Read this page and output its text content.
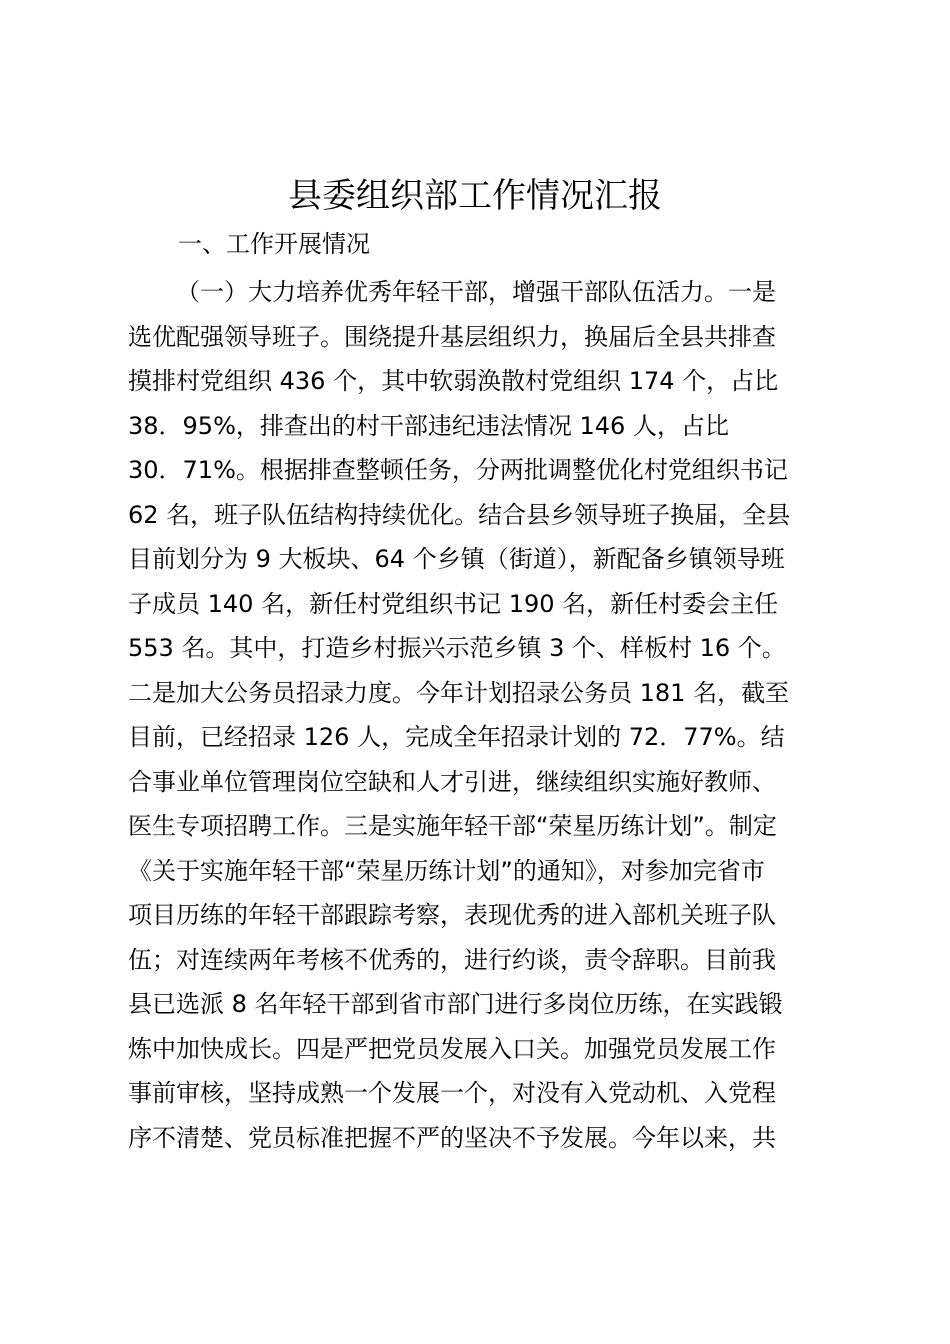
县委组织部工作情况汇报
一、工作开展情况
（一）大力培养优秀年轻干部，增强干部队伍活力。一是
选优配强领导班子。围绕提升基层组织力，换届后全县共排查
摸排村党组织 436 个，其中软弱涣散村党组织 174 个，占比
38．95%，排查出的村干部违纪违法情况 146 人，占比
30．71%。根据排查整顿任务，分两批调整优化村党组织书记
62 名，班子队伍结构持续优化。结合县乡领导班子换届，全县
目前划分为 9 大板块、64 个乡镇（街道），新配备乡镇领导班
子成员 140 名，新任村党组织书记 190 名，新任村委会主任
553 名。其中，打造乡村振兴示范乡镇 3 个、样板村 16 个。
二是加大公务员招录力度。今年计划招录公务员 181 名，截至
目前，已经招录 126 人，完成全年招录计划的 72．77%。结
合事业单位管理岗位空缺和人才引进，继续组织实施好教师、
医生专项招聘工作。三是实施年轻干部“荣星历练计划”。制定
《关于实施年轻干部“荣星历练计划”的通知》，对参加完省市
项目历练的年轻干部跟踪考察，表现优秀的进入部机关班子队
伍；对连续两年考核不优秀的，进行约谈，责令辞职。目前我
县已选派 8 名年轻干部到省市部门进行多岗位历练，在实践锻
炼中加快成长。四是严把党员发展入口关。加强党员发展工作
事前审核，坚持成熟一个发展一个，对没有入党动机、入党程
序不清楚、党员标准把握不严的坚决不予发展。今年以来，共
